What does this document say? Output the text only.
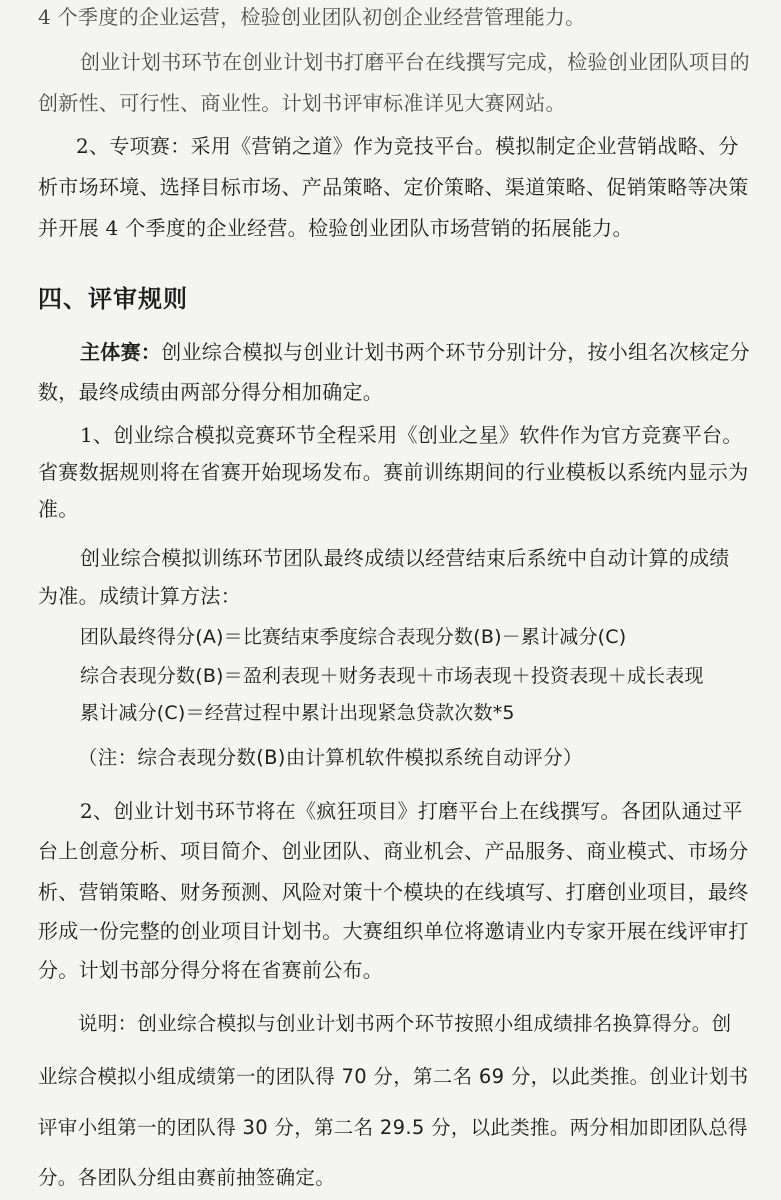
4 个季度的企业运营，检验创业团队初创企业经营管理能力。
创业计划书环节在创业计划书打磨平台在线撰写完成，检验创业团队项目的
创新性、可行性、商业性。计划书评审标准详见大赛网站。
2、专项赛：采用《营销之道》作为竞技平台。模拟制定企业营销战略、分
析市场环境、选择目标市场、产品策略、定价策略、渠道策略、促销策略等决策
并开展 4 个季度的企业经营。检验创业团队市场营销的拓展能力。
四、评审规则
主体赛：创业综合模拟与创业计划书两个环节分别计分，按小组名次核定分
数，最终成绩由两部分得分相加确定。
1、创业综合模拟竞赛环节全程采用《创业之星》软件作为官方竞赛平台。
省赛数据规则将在省赛开始现场发布。赛前训练期间的行业模板以系统内显示为
准。
创业综合模拟训练环节团队最终成绩以经营结束后系统中自动计算的成绩
为准。成绩计算方法：
团队最终得分(A)＝比赛结束季度综合表现分数(B)－累计减分(C)
综合表现分数(B)＝盈利表现＋财务表现＋市场表现＋投资表现＋成长表现
累计减分(C)＝经营过程中累计出现紧急贷款次数*5
（注：综合表现分数(B)由计算机软件模拟系统自动评分）
2、创业计划书环节将在《疯狂项目》打磨平台上在线撰写。各团队通过平
台上创意分析、项目简介、创业团队、商业机会、产品服务、商业模式、市场分
析、营销策略、财务预测、风险对策十个模块的在线填写、打磨创业项目，最终
形成一份完整的创业项目计划书。大赛组织单位将邀请业内专家开展在线评审打
分。计划书部分得分将在省赛前公布。
说明：创业综合模拟与创业计划书两个环节按照小组成绩排名换算得分。创
业综合模拟小组成绩第一的团队得 70 分，第二名 69 分，以此类推。创业计划书
评审小组第一的团队得 30 分，第二名 29.5 分，以此类推。两分相加即团队总得
分。各团队分组由赛前抽签确定。
